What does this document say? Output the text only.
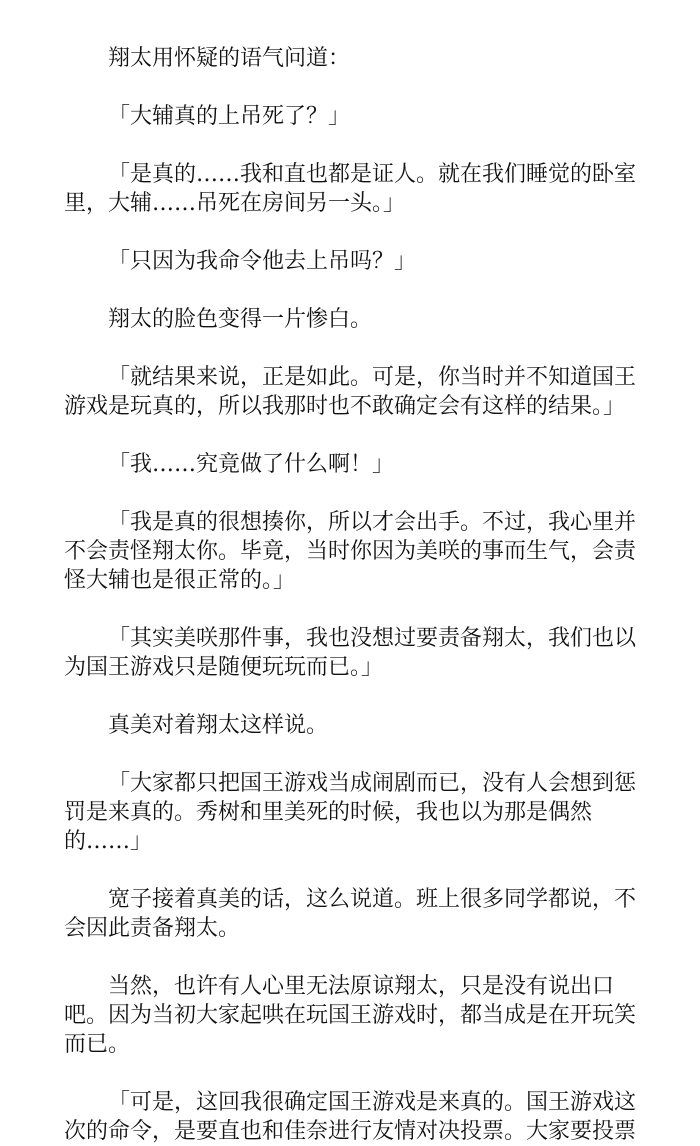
翔太用怀疑的语气问道：

「大辅真的上吊死了？」

「是真的……我和直也都是证人。就在我们睡觉的卧室里，大辅……吊死在房间另一头。」

「只因为我命令他去上吊吗？」

翔太的脸色变得一片惨白。

「就结果来说，正是如此。可是，你当时并不知道国王游戏是玩真的，所以我那时也不敢确定会有这样的结果。」

「我……究竟做了什么啊！」

「我是真的很想揍你，所以才会出手。不过，我心里并不会责怪翔太你。毕竟，当时你因为美咲的事而生气，会责怪大辅也是很正常的。」

「其实美咲那件事，我也没想过要责备翔太，我们也以为国王游戏只是随便玩玩而已。」

真美对着翔太这样说。

「大家都只把国王游戏当成闹剧而已，没有人会想到惩罚是来真的。秀树和里美死的时候，我也以为那是偶然的……」

宽子接着真美的话，这么说道。班上很多同学都说，不会因此责备翔太。

当然，也许有人心里无法原谅翔太，只是没有说出口吧。因为当初大家起哄在玩国王游戏时，都当成是在开玩笑而已。

「可是，这回我很确定国王游戏是来真的。国王游戏这次的命令，是要直也和佳奈进行友情对决投票。大家要投票
